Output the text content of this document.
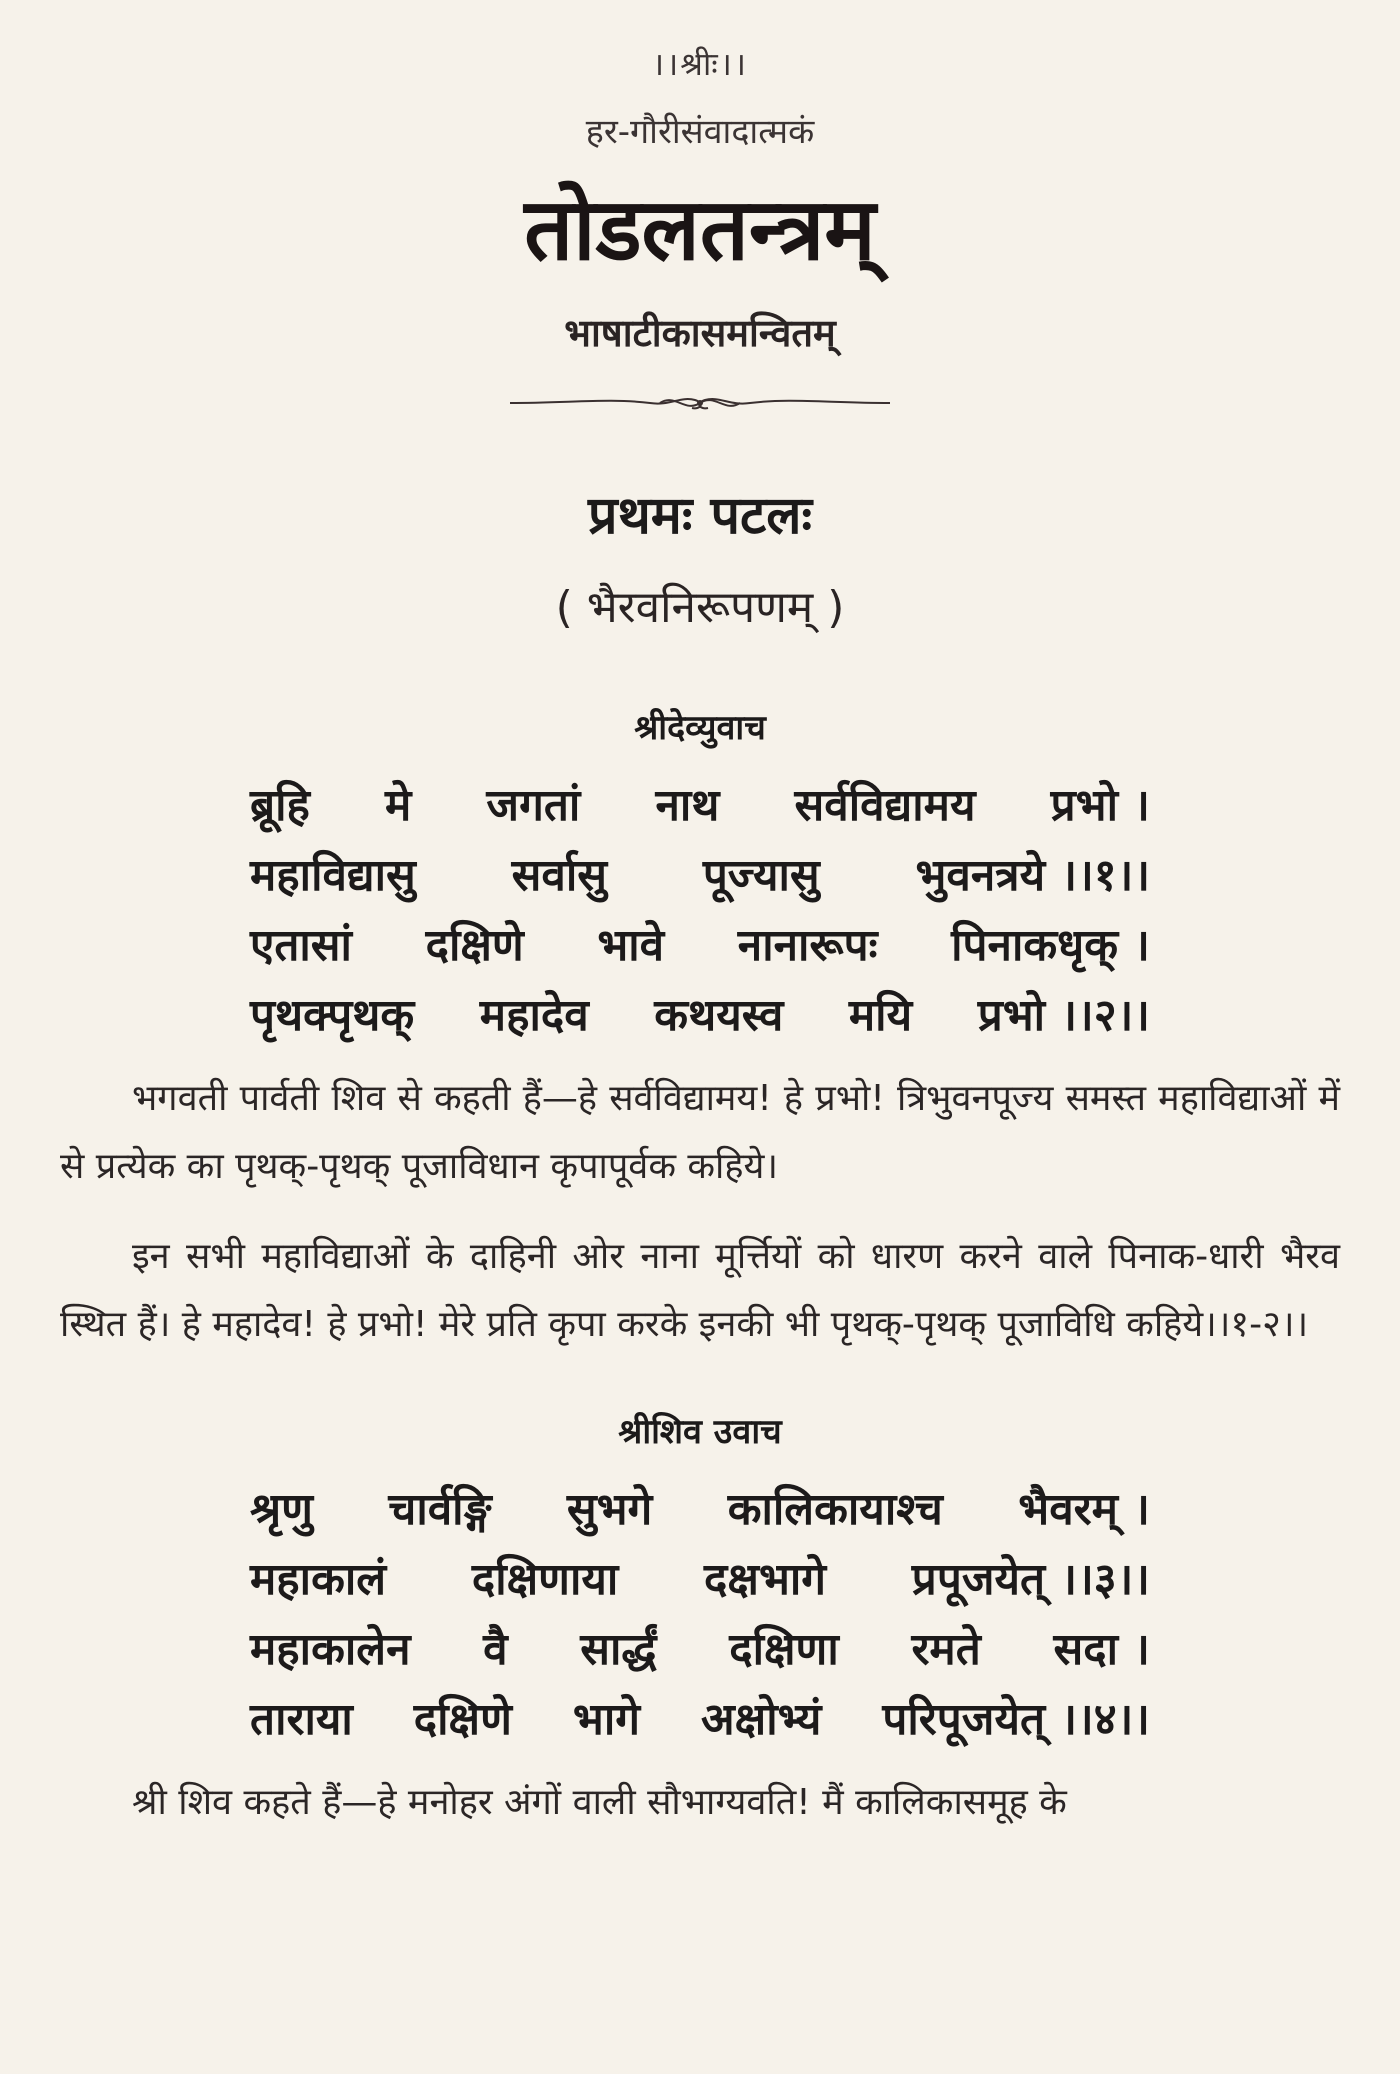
।।श्रीः।।
हर-गौरीसंवादात्मकं
तोडलतन्त्रम्
भाषाटीकासमन्वितम्
प्रथमः पटलः
( भैरवनिरूपणम् )
श्रीदेव्युवाच
ब्रूहि मे जगतां नाथ सर्वविद्यामय प्रभो ।
महाविद्यासु सर्वासु पूज्यासु भुवनत्रये ।।१।।
एतासां दक्षिणे भावे नानारूपः पिनाकधृक् ।
पृथक्पृथक् महादेव कथयस्व मयि प्रभो ।।२।।
भगवती पार्वती शिव से कहती हैं—हे सर्वविद्यामय! हे प्रभो! त्रिभुवनपूज्य समस्त महाविद्याओं में से प्रत्येक का पृथक्-पृथक् पूजाविधान कृपापूर्वक कहिये।
इन सभी महाविद्याओं के दाहिनी ओर नाना मूर्त्तियों को धारण करने वाले पिनाक-धारी भैरव स्थित हैं। हे महादेव! हे प्रभो! मेरे प्रति कृपा करके इनकी भी पृथक्-पृथक् पूजाविधि कहिये।।१-२।।
श्रीशिव उवाच
श्रृणु चार्वङ्गि सुभगे कालिकायाश्च भैवरम् ।
महाकालं दक्षिणाया दक्षभागे प्रपूजयेत् ।।३।।
महाकालेन वै सार्द्धं दक्षिणा रमते सदा ।
ताराया दक्षिणे भागे अक्षोभ्यं परिपूजयेत् ।।४।।
श्री शिव कहते हैं—हे मनोहर अंगों वाली सौभाग्यवति! मैं कालिकासमूह के
